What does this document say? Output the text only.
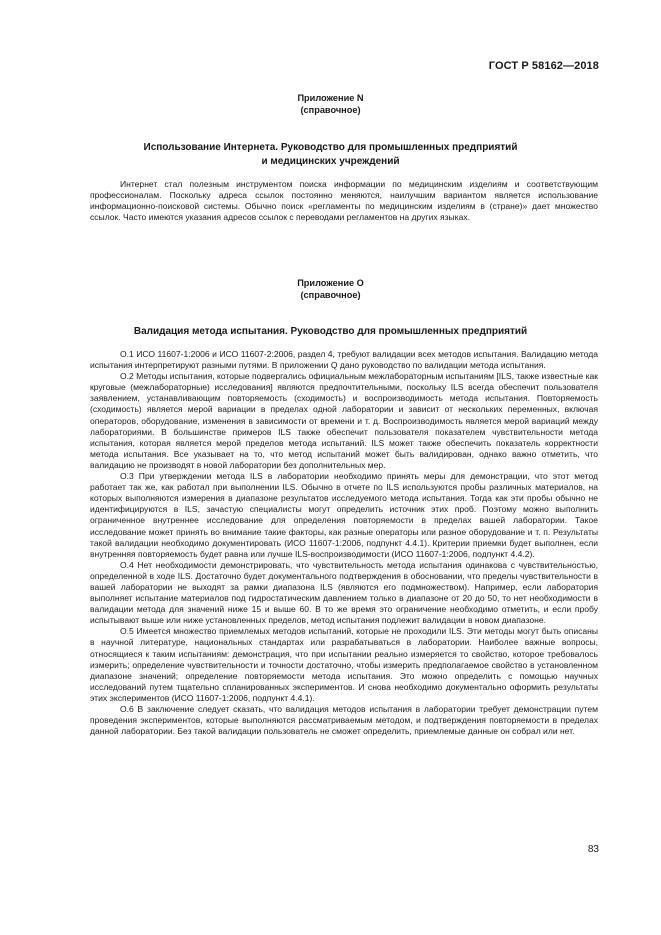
ГОСТ Р 58162—2018
Приложение N
(справочное)
Использование Интернета. Руководство для промышленных предприятий
и медицинских учреждений

Интернет стал полезным инструментом поиска информации по медицинским изделиям и соответствующим профессионалам. Поскольку адреса ссылок постоянно меняются, наилучшим вариантом является использование информационно-поисковой системы. Обычно поиск «регламенты по медицинским изделиям в (стране)» дает множество ссылок. Часто имеются указания адресов ссылок с переводами регламентов на других языках.

Приложение O
(справочное)
Валидация метода испытания. Руководство для промышленных предприятий

О.1 ИСО 11607-1:2006 и ИСО 11607-2:2006, раздел 4, требуют валидации всех методов испытания. Валидацию метода испытания интерпретируют разными путями. В приложении Q дано руководство по валидации метода испытания.

О.2 Методы испытания, которые подвергались официальным межлабораторным испытаниям [ILS, также известные как круговые (межлабораторные) исследования] являются предпочтительными, поскольку ILS всегда обеспечит пользователя заявлением, устанавливающим повторяемость (сходимость) и воспроизводимость метода испытания. Повторяемость (сходимость) является мерой вариации в пределах одной лаборатории и зависит от нескольких переменных, включая операторов, оборудование, изменения в зависимости от времени и т. д. Воспроизводимость является мерой вариаций между лабораториями. В большинстве примеров ILS также обеспечит пользователя показателем чувствительности метода испытания, которая является мерой пределов метода испытаний. ILS может также обеспечить показатель корректности метода испытания. Все указывает на то, что метод испытаний может быть валидирован, однако важно отметить, что валидацию не производят в новой лаборатории без дополнительных мер.

О.3 При утверждении метода ILS в лаборатории необходимо принять меры для демонстрации, что этот метод работает так же, как работал при выполнении ILS. Обычно в отчете по ILS используются пробы различных материалов, на которых выполняются измерения в диапазоне результатов исследуемого метода испытания. Тогда как эти пробы обычно не идентифицируются в ILS, зачастую специалисты могут определить источник этих проб. Поэтому можно выполнить ограниченное внутреннее исследование для определения повторяемости в пределах вашей лаборатории. Такое исследование может принять во внимание такие факторы, как разные операторы или разное оборудование и т. п. Результаты такой валидации необходимо документировать (ИСО 11607-1:2006, подпункт 4.4.1). Критерии приемки будет выполнен, если внутренняя повторяемость будет равна или лучше ILS-воспроизводимости (ИСО 11607-1:2006, подпункт 4.4.2).

О.4 Нет необходимости демонстрировать, что чувствительность метода испытания одинакова с чувствительностью, определенной в ходе ILS. Достаточно будет документального подтверждения в обосновании, что пределы чувствительности в вашей лаборатории не выходят за рамки диапазона ILS (являются его подмножеством). Например, если лаборатория выполняет испытание материалов под гидростатическим давлением только в диапазоне от 20 до 50, то нет необходимости в валидации метода для значений ниже 15 и выше 60. В то же время это ограничение необходимо отметить, и если пробу испытывают выше или ниже установленных пределов, метод испытания подлежит валидации в новом диапазоне.

О.5 Имеется множество приемлемых методов испытаний, которые не проходили ILS. Эти методы могут быть описаны в научной литературе, национальных стандартах или разрабатываться в лаборатории. Наиболее важные вопросы, относящиеся к таким испытаниям: демонстрация, что при испытании реально измеряется то свойство, которое требовалось измерить; определение чувствительности и точности достаточно, чтобы измерить предполагаемое свойство в установленном диапазоне значений; определение повторяемости метода испытания. Это можно определить с помощью научных исследований путем тщательно спланированных экспериментов. И снова необходимо документально оформить результаты этих экспериментов (ИСО 11607-1:2006, подпункт 4.4.1).

О.6 В заключение следует сказать, что валидация методов испытания в лаборатории требует демонстрации путем проведения экспериментов, которые выполняются рассматриваемым методом, и подтверждения повторяемости в пределах данной лаборатории. Без такой валидации пользователь не сможет определить, приемлемые данные он собрал или нет.

83
